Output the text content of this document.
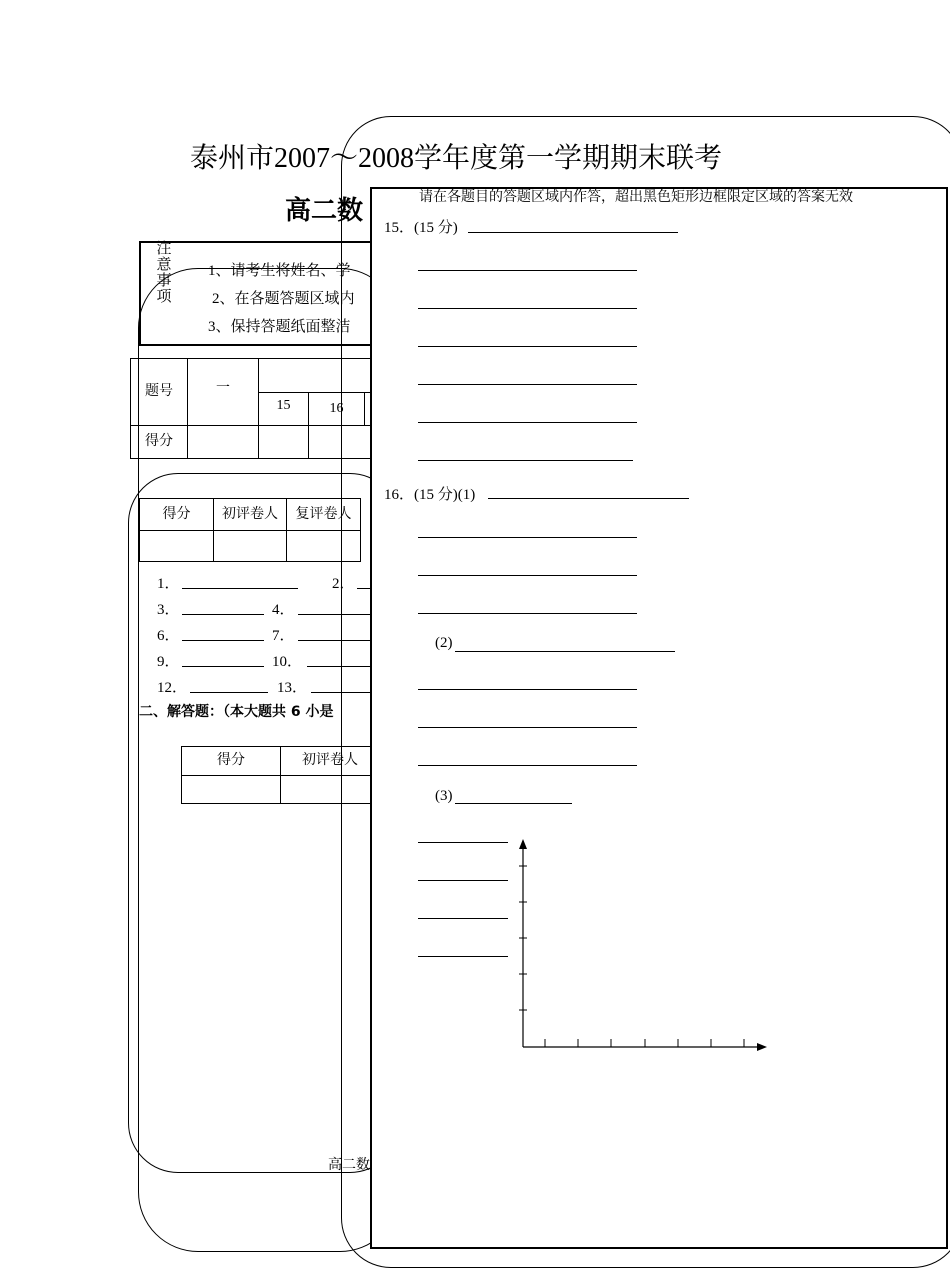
泰州市2007～2008学年度第一学期期末联考
高二数
注
意
事
项
1、请考生将姓名、学
2、在各题答题区域内
3、保持答题纸面整洁
题号	一
15	16
得分
得分	初评卷人	复评卷人
1．	2．
3．	4．
6．	7．
9．	10．
12．	13．
二、解答题：（本大题共 6 小是
得分	初评卷人
高二数
请在各题目的答题区域内作答，超出黑色矩形边框限定区域的答案无效
15．(15 分)
16．(15 分)(1)
(2)
(3)
